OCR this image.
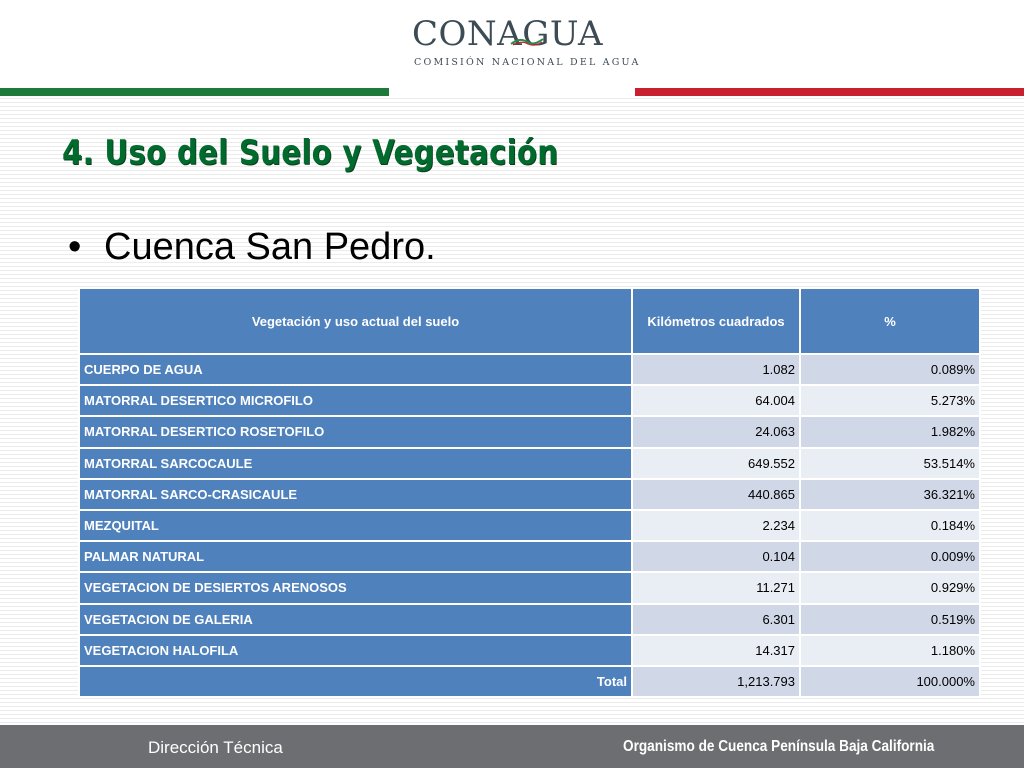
CONAGUA
COMISIÓN NACIONAL DEL AGUA
4. Uso del Suelo y Vegetación
• Cuenca San Pedro.
Vegetación y uso actual del suelo	Kilómetros cuadrados	%
CUERPO DE AGUA	1.082	0.089%
MATORRAL DESERTICO MICROFILO	64.004	5.273%
MATORRAL DESERTICO ROSETOFILO	24.063	1.982%
MATORRAL SARCOCAULE	649.552	53.514%
MATORRAL SARCO-CRASICAULE	440.865	36.321%
MEZQUITAL	2.234	0.184%
PALMAR NATURAL	0.104	0.009%
VEGETACION DE DESIERTOS ARENOSOS	11.271	0.929%
VEGETACION DE GALERIA	6.301	0.519%
VEGETACION HALOFILA	14.317	1.180%
Total	1,213.793	100.000%
Dirección Técnica	Organismo de Cuenca Península Baja California
